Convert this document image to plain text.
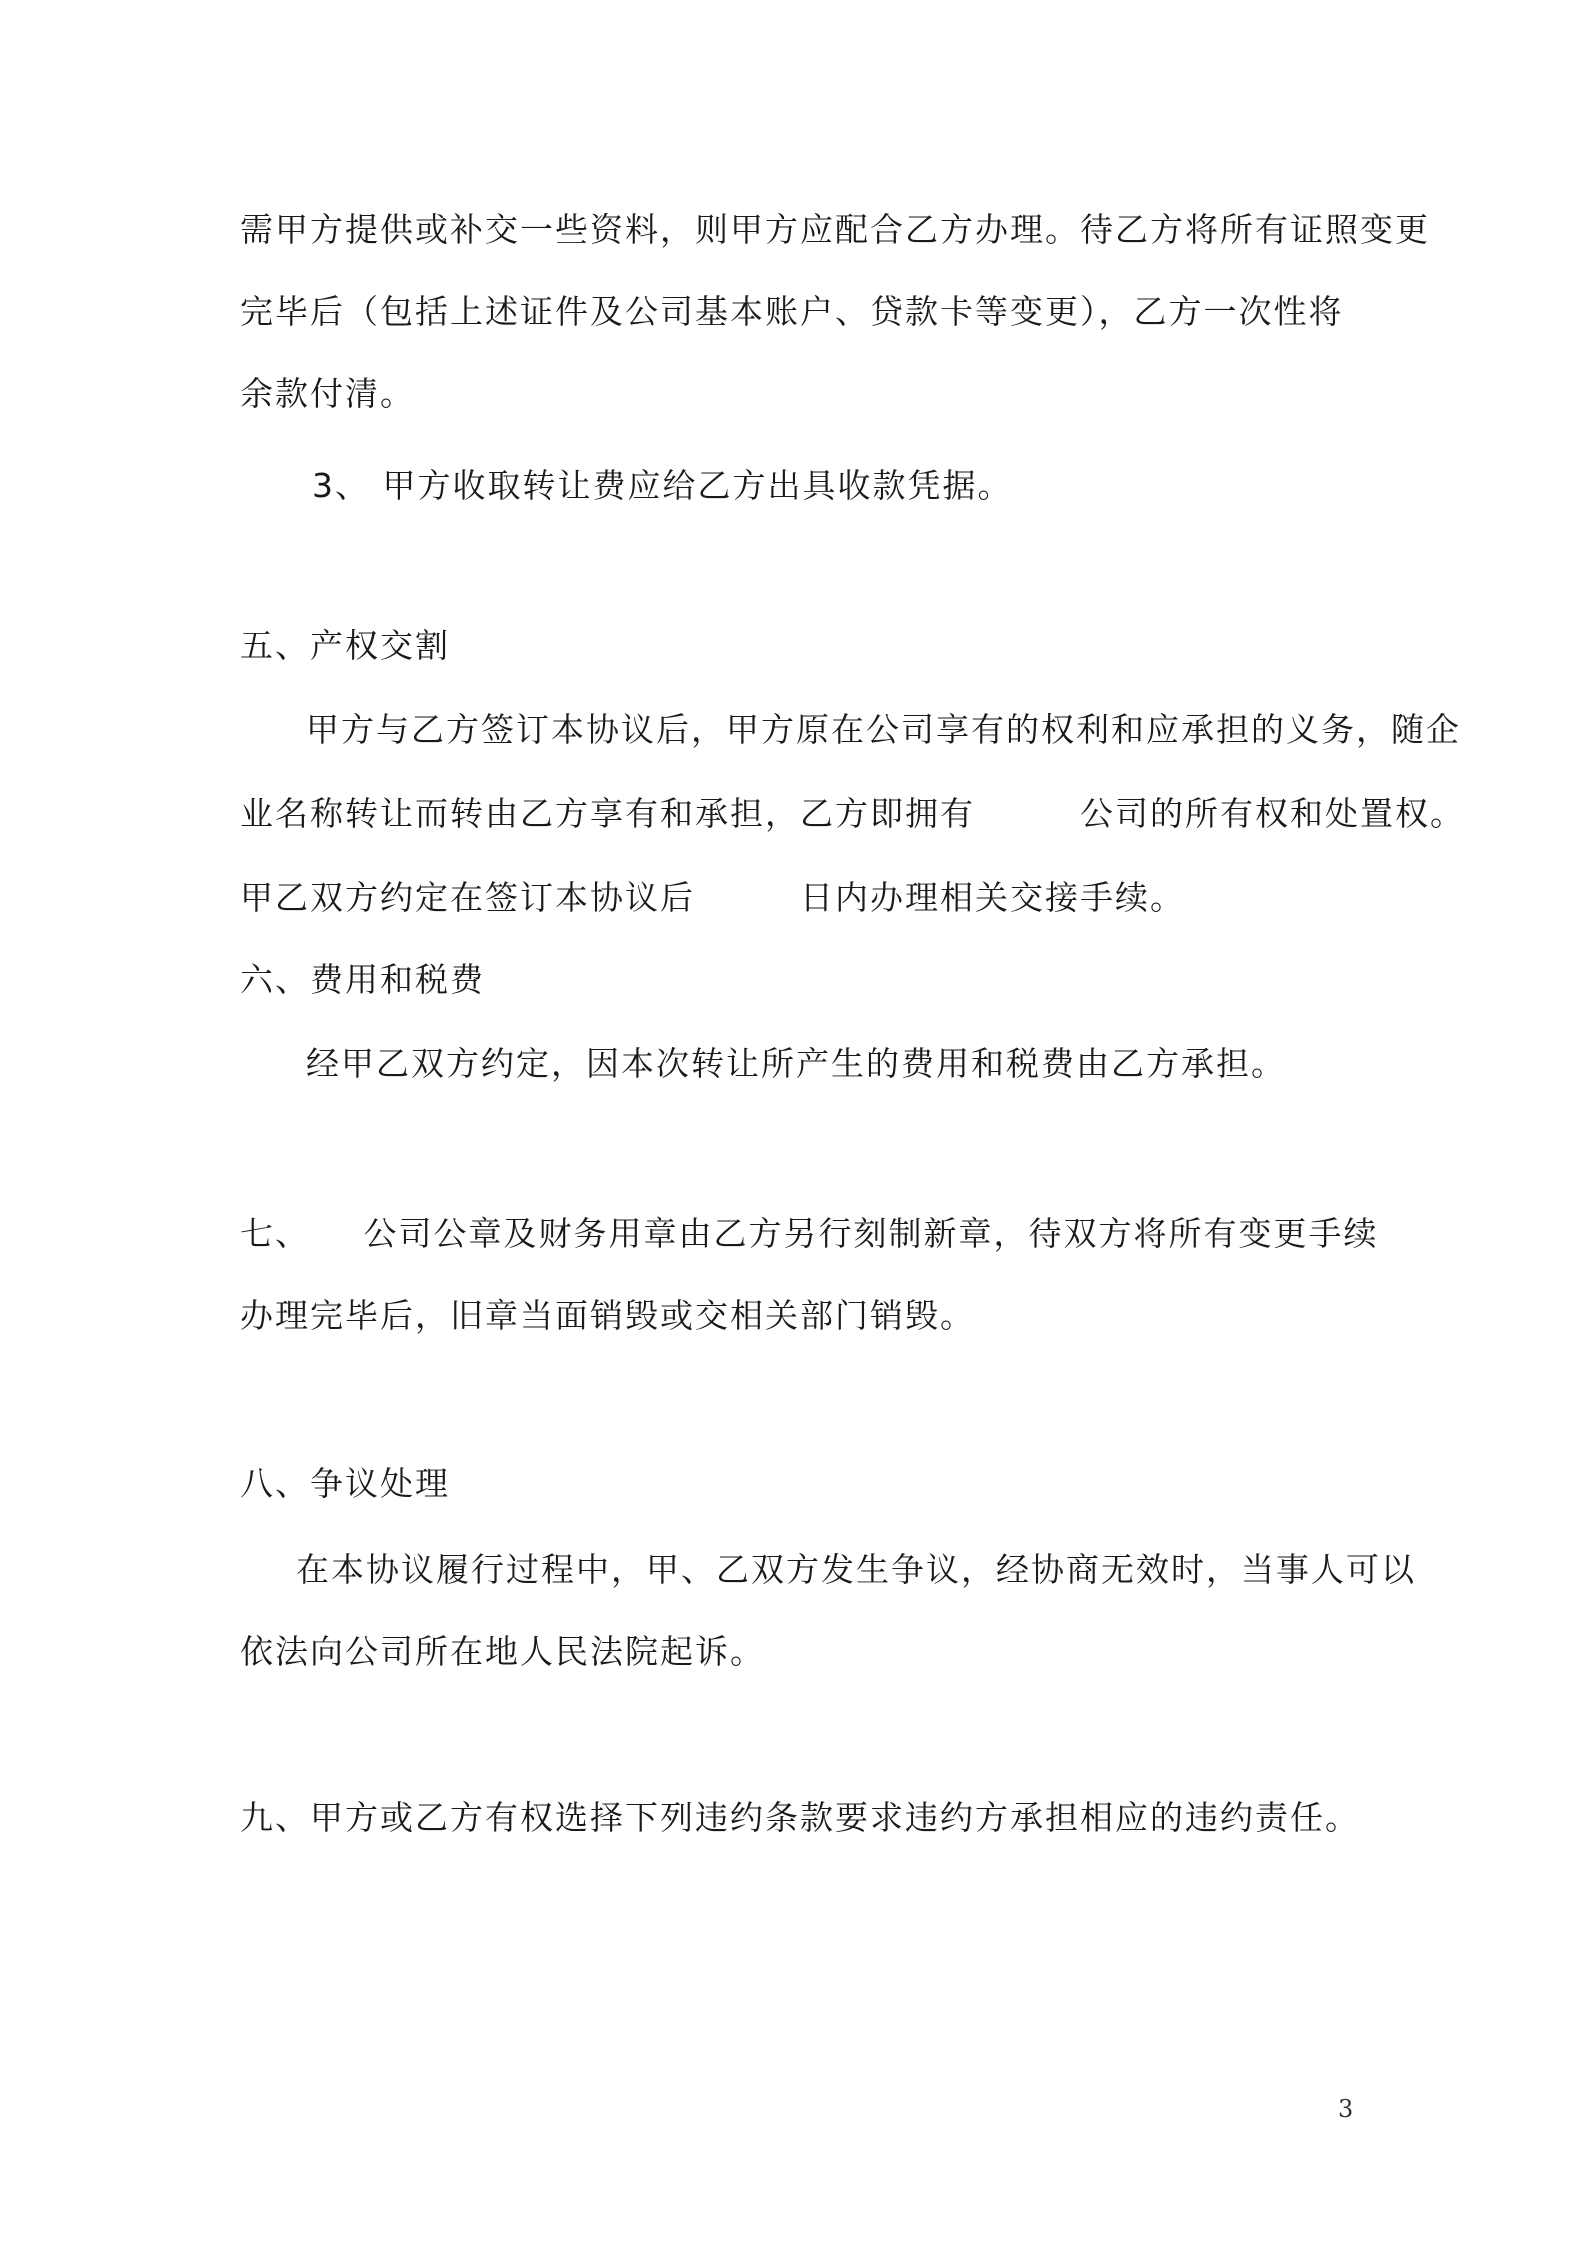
需甲方提供或补交一些资料，则甲方应配合乙方办理。待乙方将所有证照变更
完毕后（包括上述证件及公司基本账户、贷款卡等变更），乙方一次性将
余款付清。
3、 甲方收取转让费应给乙方出具收款凭据。
五、产权交割
甲方与乙方签订本协议后，甲方原在公司享有的权利和应承担的义务，随企
业名称转让而转由乙方享有和承担，乙方即拥有　　　公司的所有权和处置权。
甲乙双方约定在签订本协议后　　　日内办理相关交接手续。
六、费用和税费
经甲乙双方约定，因本次转让所产生的费用和税费由乙方承担。
七、　　公司公章及财务用章由乙方另行刻制新章，待双方将所有变更手续
办理完毕后，旧章当面销毁或交相关部门销毁。
八、争议处理
在本协议履行过程中，甲、乙双方发生争议，经协商无效时，当事人可以
依法向公司所在地人民法院起诉。
九、甲方或乙方有权选择下列违约条款要求违约方承担相应的违约责任。
3
